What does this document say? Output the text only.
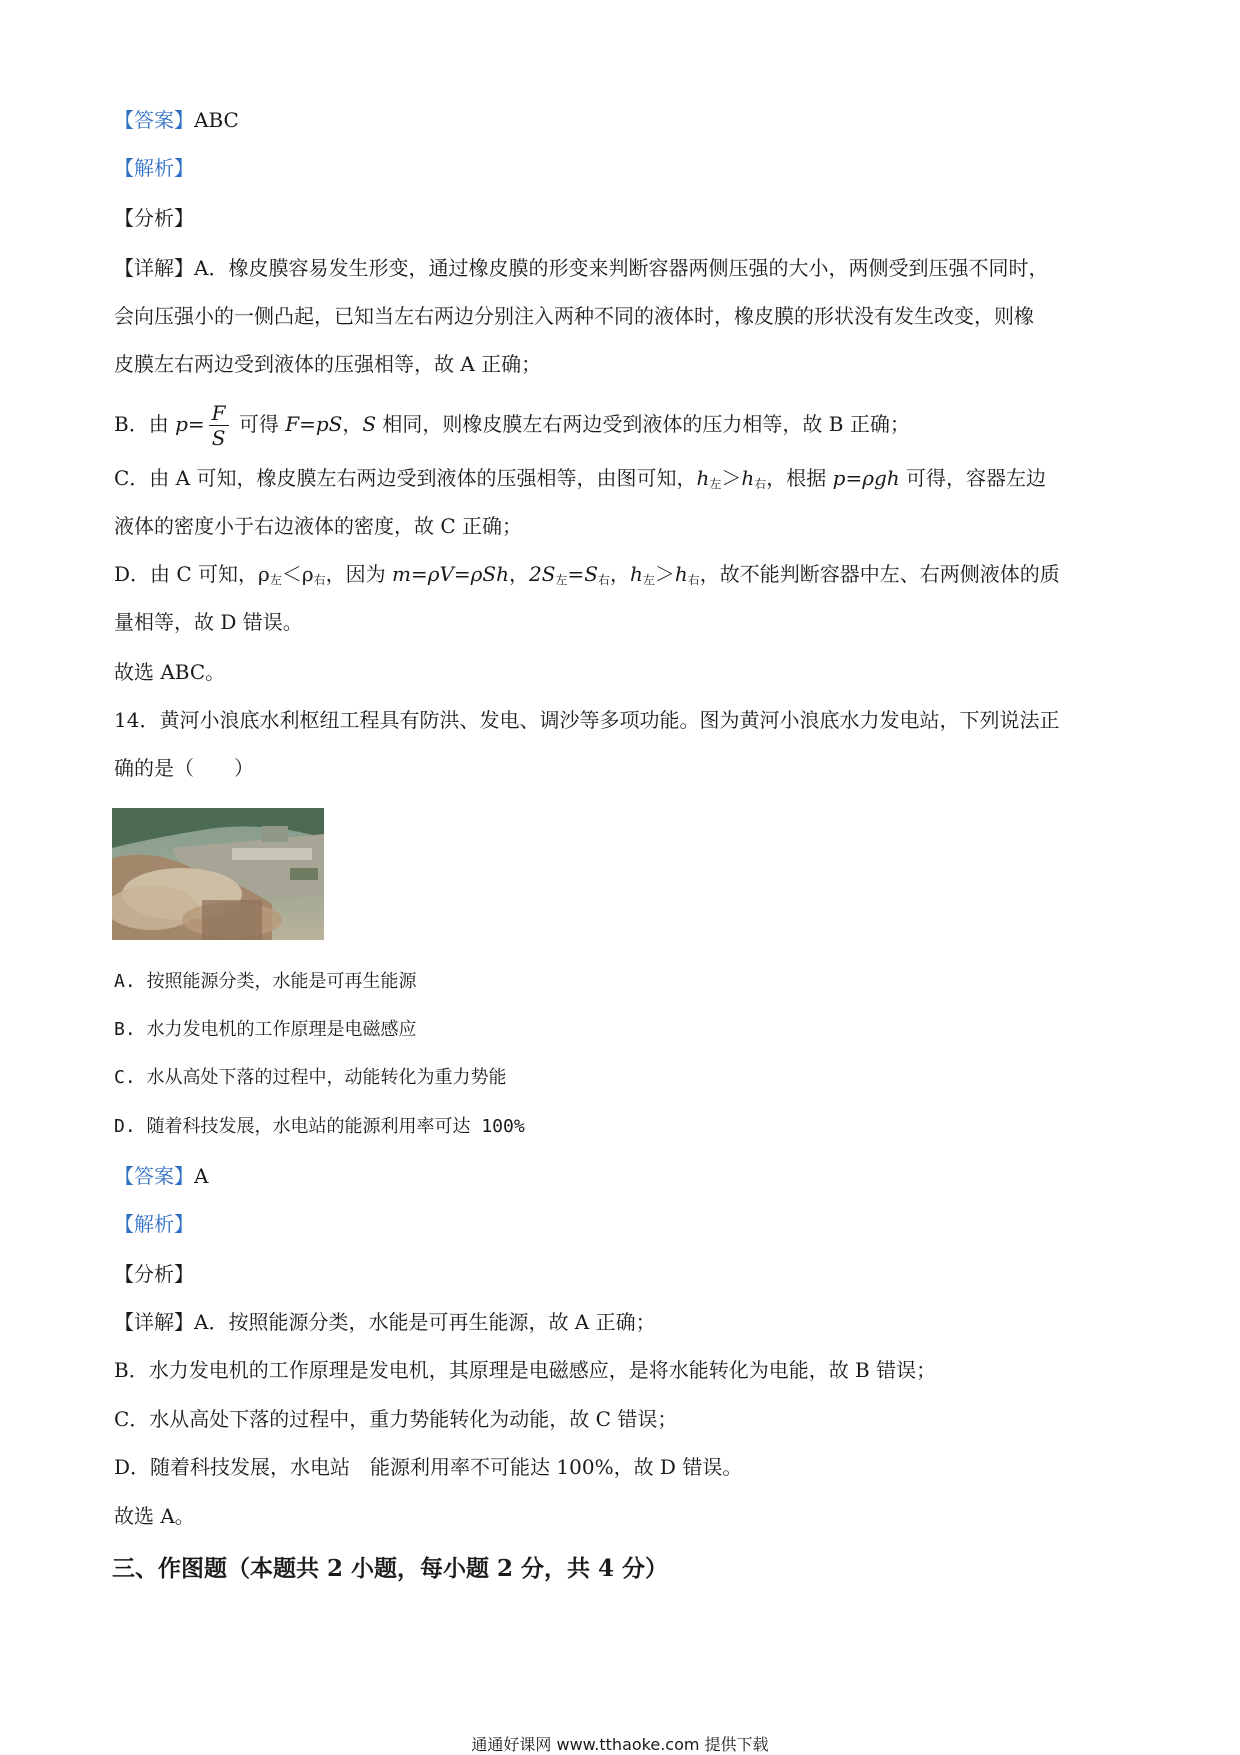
【答案】ABC
【解析】
【分析】
【详解】A．橡皮膜容易发生形变，通过橡皮膜的形变来判断容器两侧压强的大小，两侧受到压强不同时，
会向压强小的一侧凸起，已知当左右两边分别注入两种不同的液体时，橡皮膜的形状没有发生改变，则橡
皮膜左右两边受到液体的压强相等，故 A 正确；
B．由 $p= \frac{F}{S}$ 可得 F=pS，S 相同，则橡皮膜左右两边受到液体的压力相等，故 B 正确；
C．由 A 可知，橡皮膜左右两边受到液体的压强相等，由图可知，$h_左>h_右$，根据 p=ρgh 可得，容器左边
液体的密度小于右边液体的密度，故 C 正确；
D．由 C 可知，$\rho_左<\rho_右$，因为 m=ρV=ρSh，$2S_左=S_右$，$h_左>h_右$，故不能判断容器中左、右两侧液体的质
量相等，故 D 错误。
故选 ABC。
14．黄河小浪底水利枢纽工程具有防洪、发电、调沙等多项功能。图为黄河小浪底水力发电站，下列说法正
确的是（　　）
A. 按照能源分类，水能是可再生能源
B. 水力发电机的工作原理是电磁感应
C. 水从高处下落的过程中，动能转化为重力势能
D. 随着科技发展，水电站的能源利用率可达 100%
【答案】A
【解析】
【分析】
【详解】A．按照能源分类，水能是可再生能源，故 A 正确；
B．水力发电机的工作原理是发电机，其原理是电磁感应，是将水能转化为电能，故 B 错误；
C．水从高处下落的过程中，重力势能转化为动能，故 C 错误；
D．随着科技发展，水电站　能源利用率不可能达 100%，故 D 错误。
故选 A。
三、作图题（本题共 2 小题，每小题 2 分，共 4 分）
通通好课网 www.tthaoke.com 提供下载
